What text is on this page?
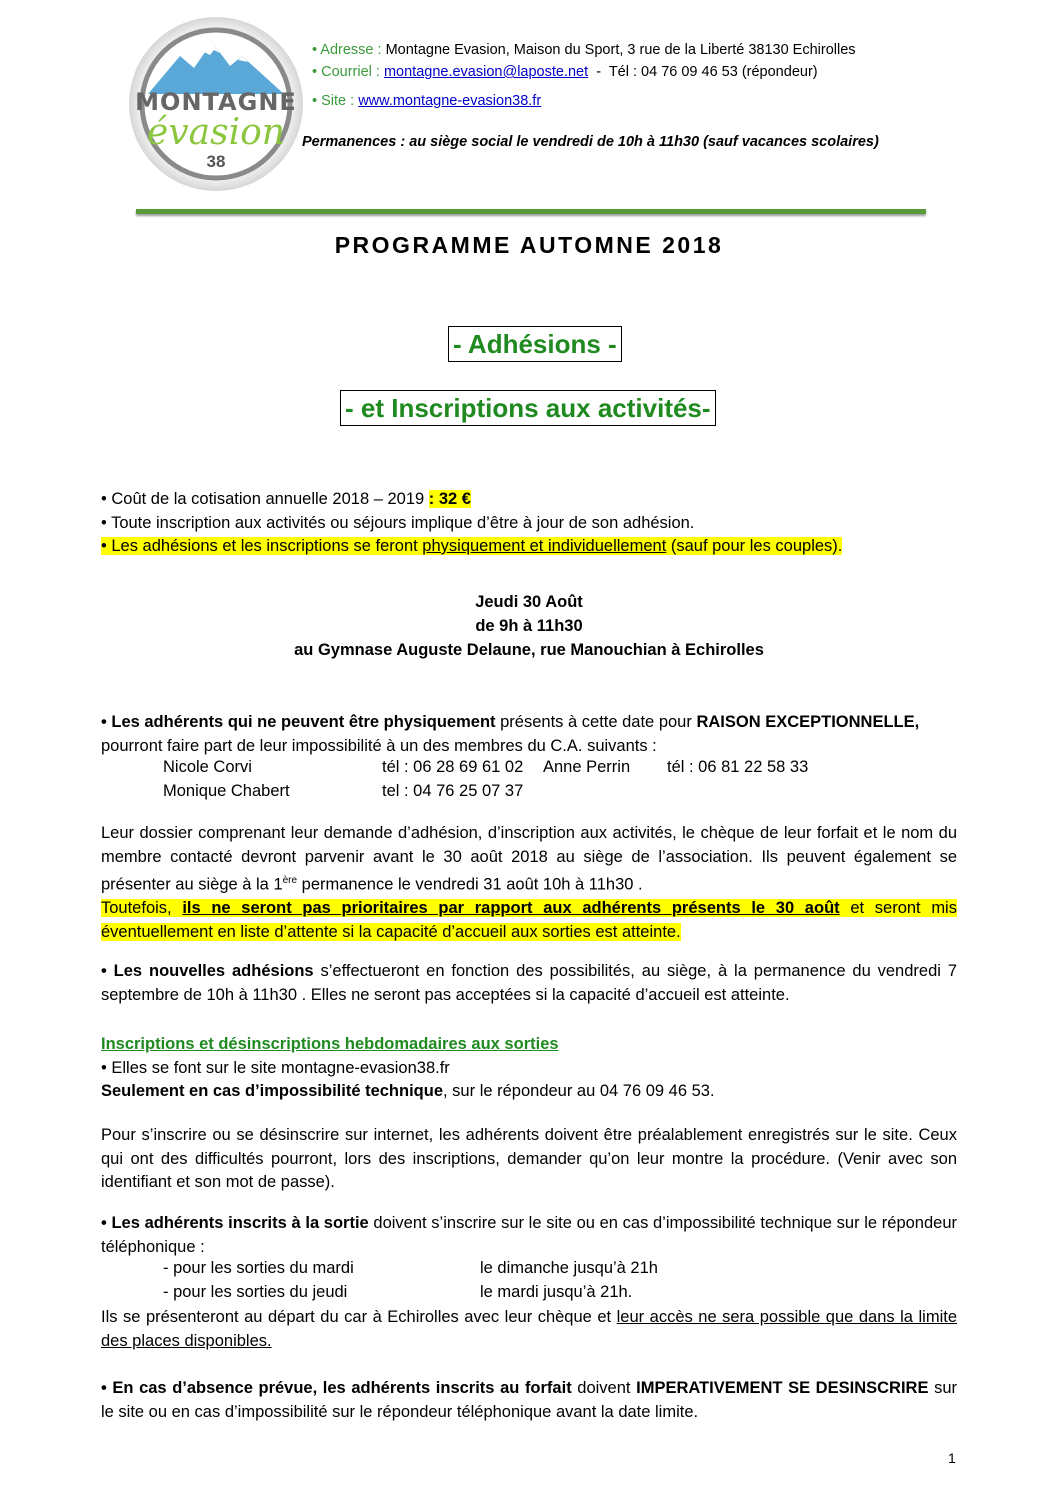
MONTAGNE
évasion
38
• Adresse : Montagne Evasion, Maison du Sport, 3 rue de la Liberté 38130 Echirolles
• Courriel : montagne.evasion@laposte.net  -  Tél : 04 76 09 46 53 (répondeur)
• Site : www.montagne-evasion38.fr
Permanences : au siège social le vendredi de 10h à 11h30 (sauf vacances scolaires)
PROGRAMME AUTOMNE 2018
- Adhésions -
- et Inscriptions aux activités-
• Coût de la cotisation annuelle 2018 – 2019 : 32 €
• Toute inscription aux activités ou séjours implique d’être à jour de son adhésion.
• Les adhésions et les inscriptions se feront physiquement et individuellement (sauf pour les couples).
Jeudi 30 Août
de 9h à 11h30
au Gymnase Auguste Delaune, rue Manouchian à Echirolles
• Les adhérents qui ne peuvent être physiquement présents à cette date pour RAISON EXCEPTIONNELLE,
pourront faire part de leur impossibilité à un des membres du C.A. suivants :
Nicole Corvi	tél : 06 28 69 61 02 Anne Perrin tél : 06 81 22 58 33
Monique Chabert	tel : 04 76 25 07 37
Leur dossier comprenant leur demande d’adhésion, d’inscription aux activités, le chèque de leur forfait et le nom du membre contacté devront parvenir avant le 30 août 2018 au siège de l’association. Ils peuvent également se présenter au siège à la 1ère permanence le vendredi 31 août 10h à 11h30 .
Toutefois, ils ne seront pas prioritaires par rapport aux adhérents présents le 30 août et seront mis éventuellement en liste d’attente si la capacité d’accueil aux sorties est atteinte.
• Les nouvelles adhésions s’effectueront en fonction des possibilités, au siège, à la permanence du vendredi 7 septembre de 10h à 11h30 . Elles ne seront pas acceptées si la capacité d’accueil est atteinte.
Inscriptions et désinscriptions hebdomadaires aux sorties
• Elles se font sur le site montagne-evasion38.fr
Seulement en cas d’impossibilité technique, sur le répondeur au 04 76 09 46 53.
Pour s’inscrire ou se désinscrire sur internet, les adhérents doivent être préalablement enregistrés sur le site. Ceux qui ont des difficultés pourront, lors des inscriptions, demander qu’on leur montre la procédure. (Venir avec son identifiant et son mot de passe).
• Les adhérents inscrits à la sortie doivent s’inscrire sur le site ou en cas d’impossibilité technique sur le répondeur téléphonique :
- pour les sorties du mardi	le dimanche jusqu’à 21h
- pour les sorties du jeudi	le mardi jusqu’à 21h.
Ils se présenteront au départ du car à Echirolles avec leur chèque et leur accès ne sera possible que dans la limite des places disponibles.
• En cas d’absence prévue, les adhérents inscrits au forfait doivent IMPERATIVEMENT SE DESINSCRIRE sur le site ou en cas d’impossibilité sur le répondeur téléphonique avant la date limite.
1
